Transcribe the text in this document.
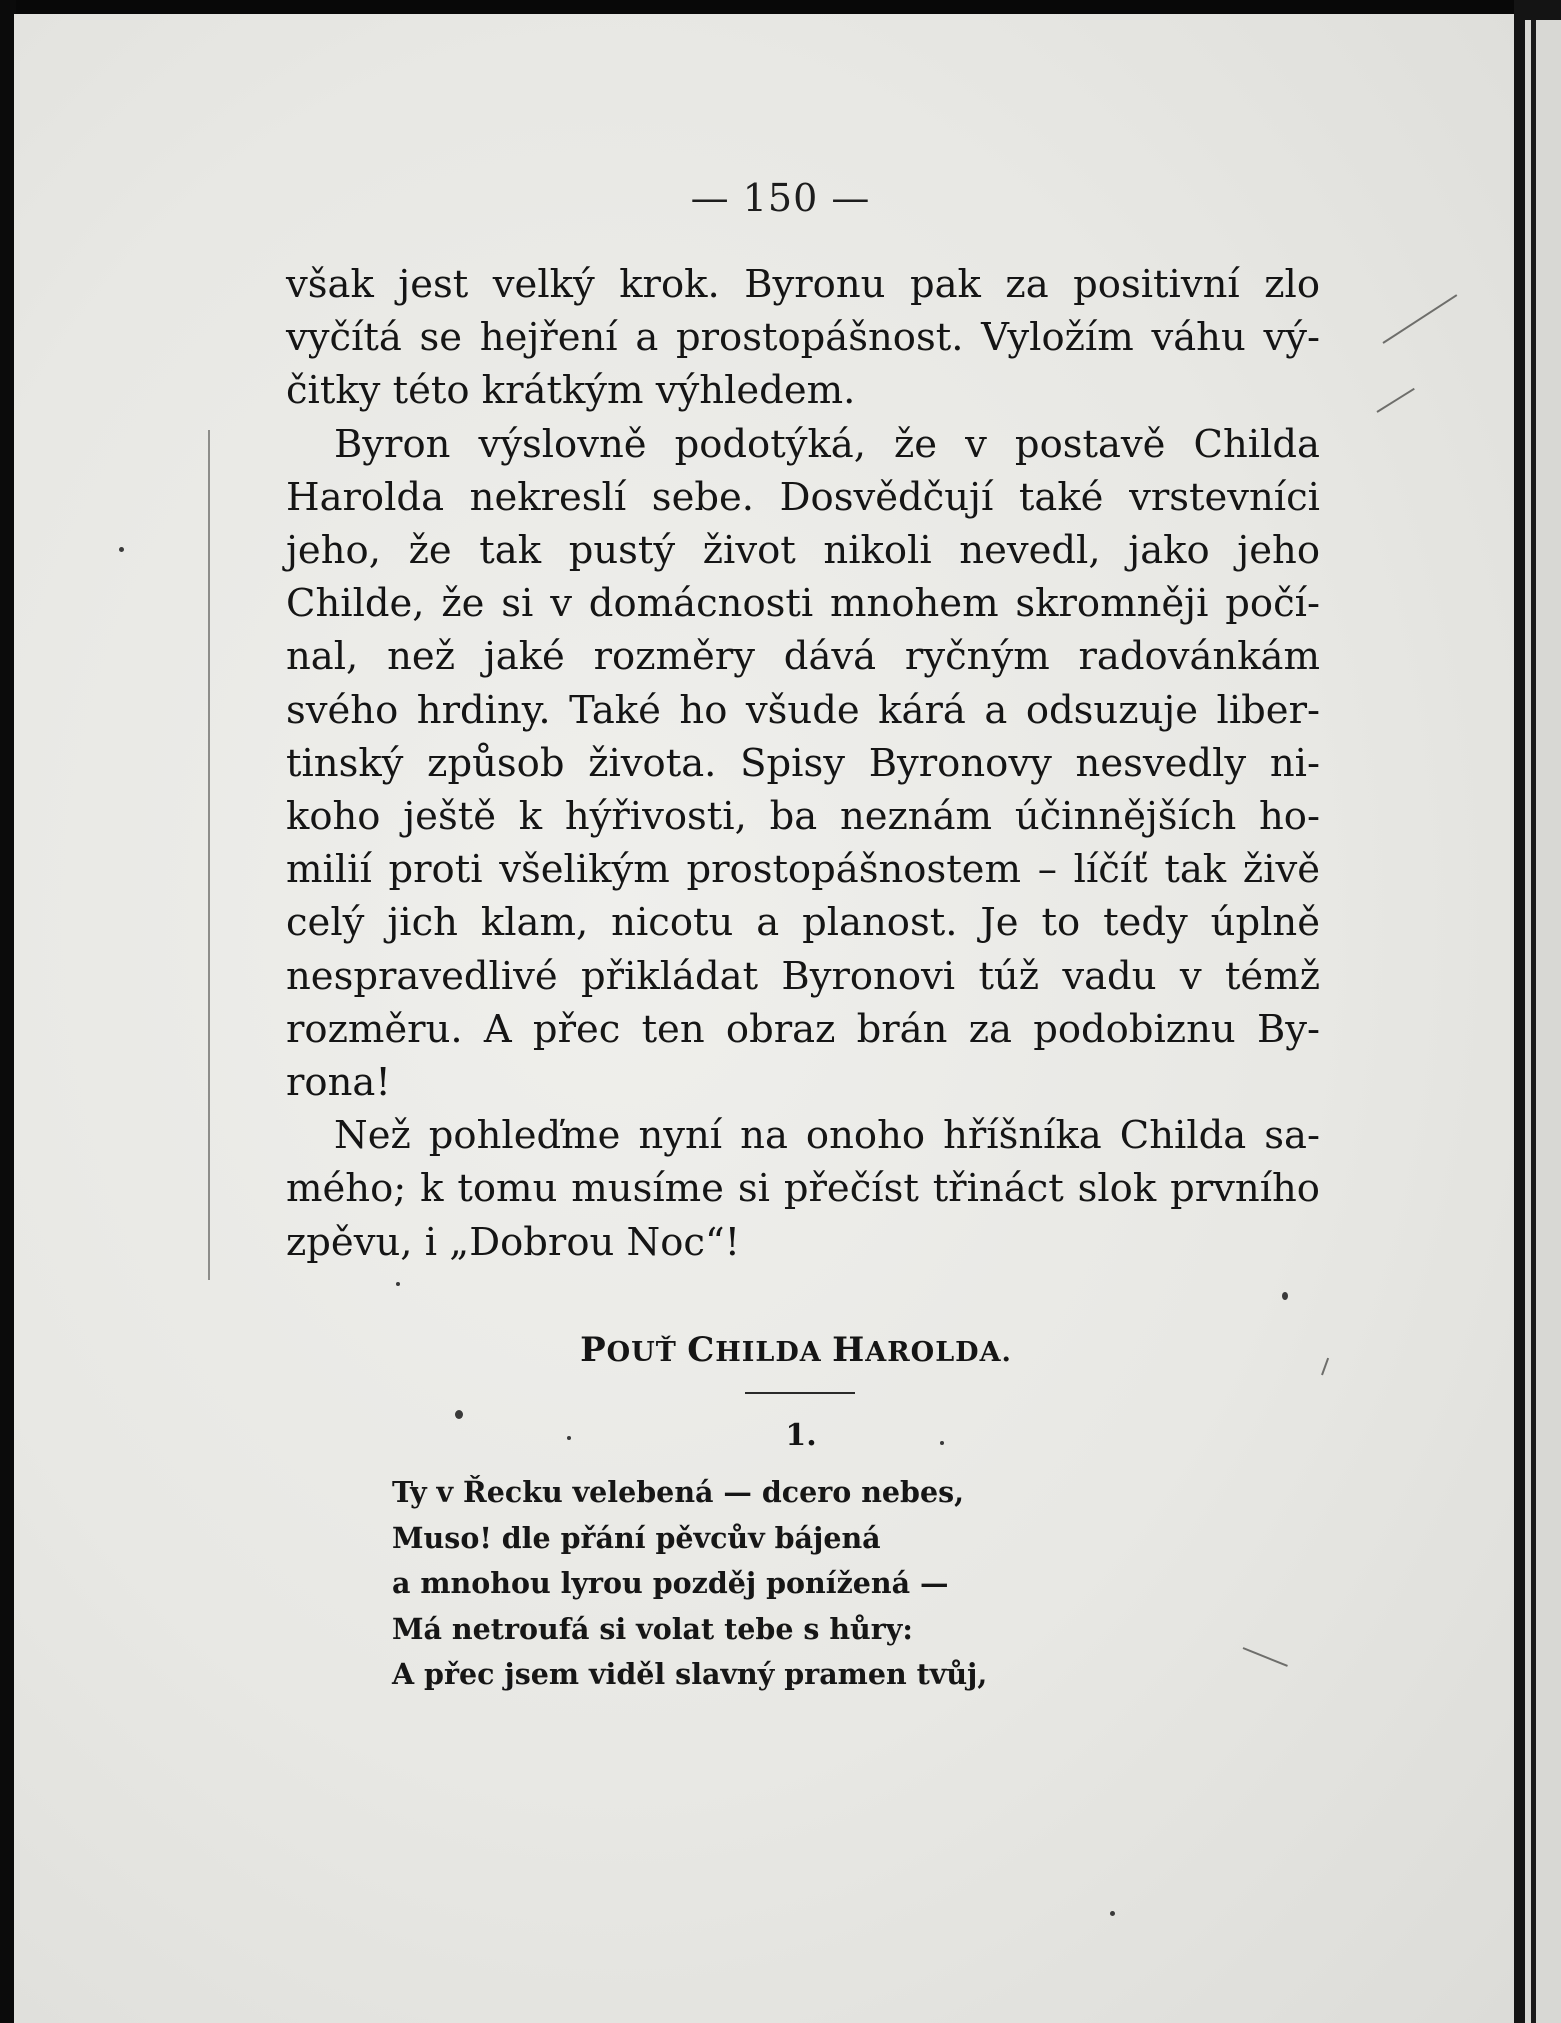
— 150 —
však jest velký krok. Byronu pak za positivní zlo
vyčítá se hejření a prostopášnost. Vyložím váhu vý-
čitky této krátkým výhledem.
Byron výslovně podotýká, že v postavě Childa
Harolda nekreslí sebe. Dosvědčují také vrstevníci
jeho, že tak pustý život nikoli nevedl, jako jeho
Childe, že si v domácnosti mnohem skromněji počí-
nal, než jaké rozměry dává ryčným radovánkám
svého hrdiny. Také ho všude kárá a odsuzuje liber-
tinský způsob života. Spisy Byronovy nesvedly ni-
koho ještě k hýřivosti, ba neznám účinnějších ho-
milií proti všelikým prostopášnostem – líčíť tak živě
celý jich klam, nicotu a planost. Je to tedy úplně
nespravedlivé přikládat Byronovi túž vadu v témž
rozměru. A přec ten obraz brán za podobiznu By-
rona!
Než pohleďme nyní na onoho hříšníka Childa sa-
mého; k tomu musíme si přečíst třináct slok prvního
zpěvu, i „Dobrou Noc“!
POUŤ CHILDA HAROLDA.
1.
Ty v Řecku velebená — dcero nebes,
Muso! dle přání pěvcův bájená
a mnohou lyrou pozděj ponížená —
Má netroufá si volat tebe s hůry:
A přec jsem viděl slavný pramen tvůj,
